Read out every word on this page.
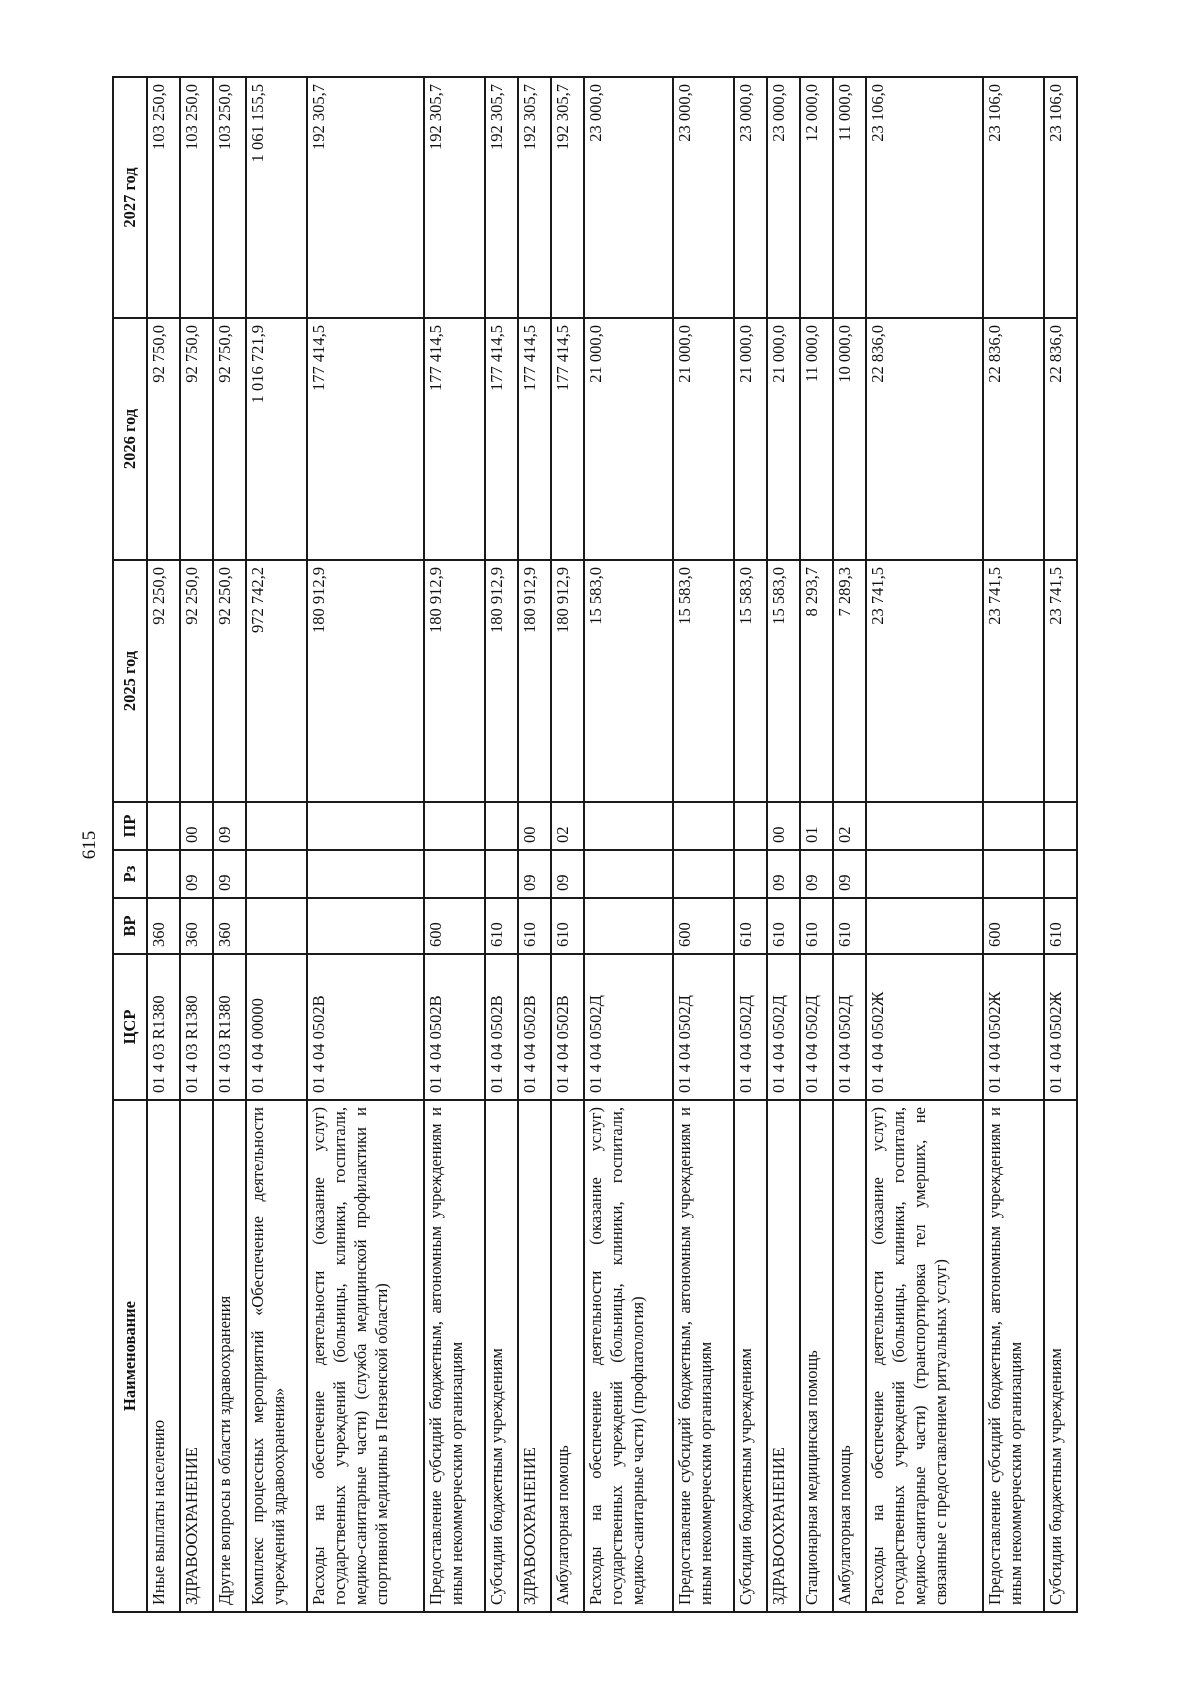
615
Наименование	ЦСР	ВР	Рз	ПР	2025 год	2026 год	2027 год
Иные выплаты населению	01 4 03 R1380	360			92 250,0	92 750,0	103 250,0
ЗДРАВООХРАНЕНИЕ	01 4 03 R1380	360	09	00	92 250,0	92 750,0	103 250,0
Другие вопросы в области здравоохранения	01 4 03 R1380	360	09	09	92 250,0	92 750,0	103 250,0
Комплекс процессных мероприятий «Обеспечение деятельности учреждений здравоохранения»	01 4 04 00000				972 742,2	1 016 721,9	1 061 155,5
Расходы на обеспечение деятельности (оказание услуг) государственных учреждений (больницы, клиники, госпитали, медико-санитарные части) (служба медицинской профилактики и спортивной медицины в Пензенской области)	01 4 04 0502В				180 912,9	177 414,5	192 305,7
Предоставление субсидий бюджетным, автономным учреждениям и иным некоммерческим организациям	01 4 04 0502В	600			180 912,9	177 414,5	192 305,7
Субсидии бюджетным учреждениям	01 4 04 0502В	610			180 912,9	177 414,5	192 305,7
ЗДРАВООХРАНЕНИЕ	01 4 04 0502В	610	09	00	180 912,9	177 414,5	192 305,7
Амбулаторная помощь	01 4 04 0502В	610	09	02	180 912,9	177 414,5	192 305,7
Расходы на обеспечение деятельности (оказание услуг) государственных учреждений (больницы, клиники, госпитали, медико-санитарные части) (профпатология)	01 4 04 0502Д				15 583,0	21 000,0	23 000,0
Предоставление субсидий бюджетным, автономным учреждениям и иным некоммерческим организациям	01 4 04 0502Д	600			15 583,0	21 000,0	23 000,0
Субсидии бюджетным учреждениям	01 4 04 0502Д	610			15 583,0	21 000,0	23 000,0
ЗДРАВООХРАНЕНИЕ	01 4 04 0502Д	610	09	00	15 583,0	21 000,0	23 000,0
Стационарная медицинская помощь	01 4 04 0502Д	610	09	01	8 293,7	11 000,0	12 000,0
Амбулаторная помощь	01 4 04 0502Д	610	09	02	7 289,3	10 000,0	11 000,0
Расходы на обеспечение деятельности (оказание услуг) государственных учреждений (больницы, клиники, госпитали, медико-санитарные части) (транспортировка тел умерших, не связанные с предоставлением ритуальных услуг)	01 4 04 0502Ж				23 741,5	22 836,0	23 106,0
Предоставление субсидий бюджетным, автономным учреждениям и иным некоммерческим организациям	01 4 04 0502Ж	600			23 741,5	22 836,0	23 106,0
Субсидии бюджетным учреждениям	01 4 04 0502Ж	610			23 741,5	22 836,0	23 106,0
